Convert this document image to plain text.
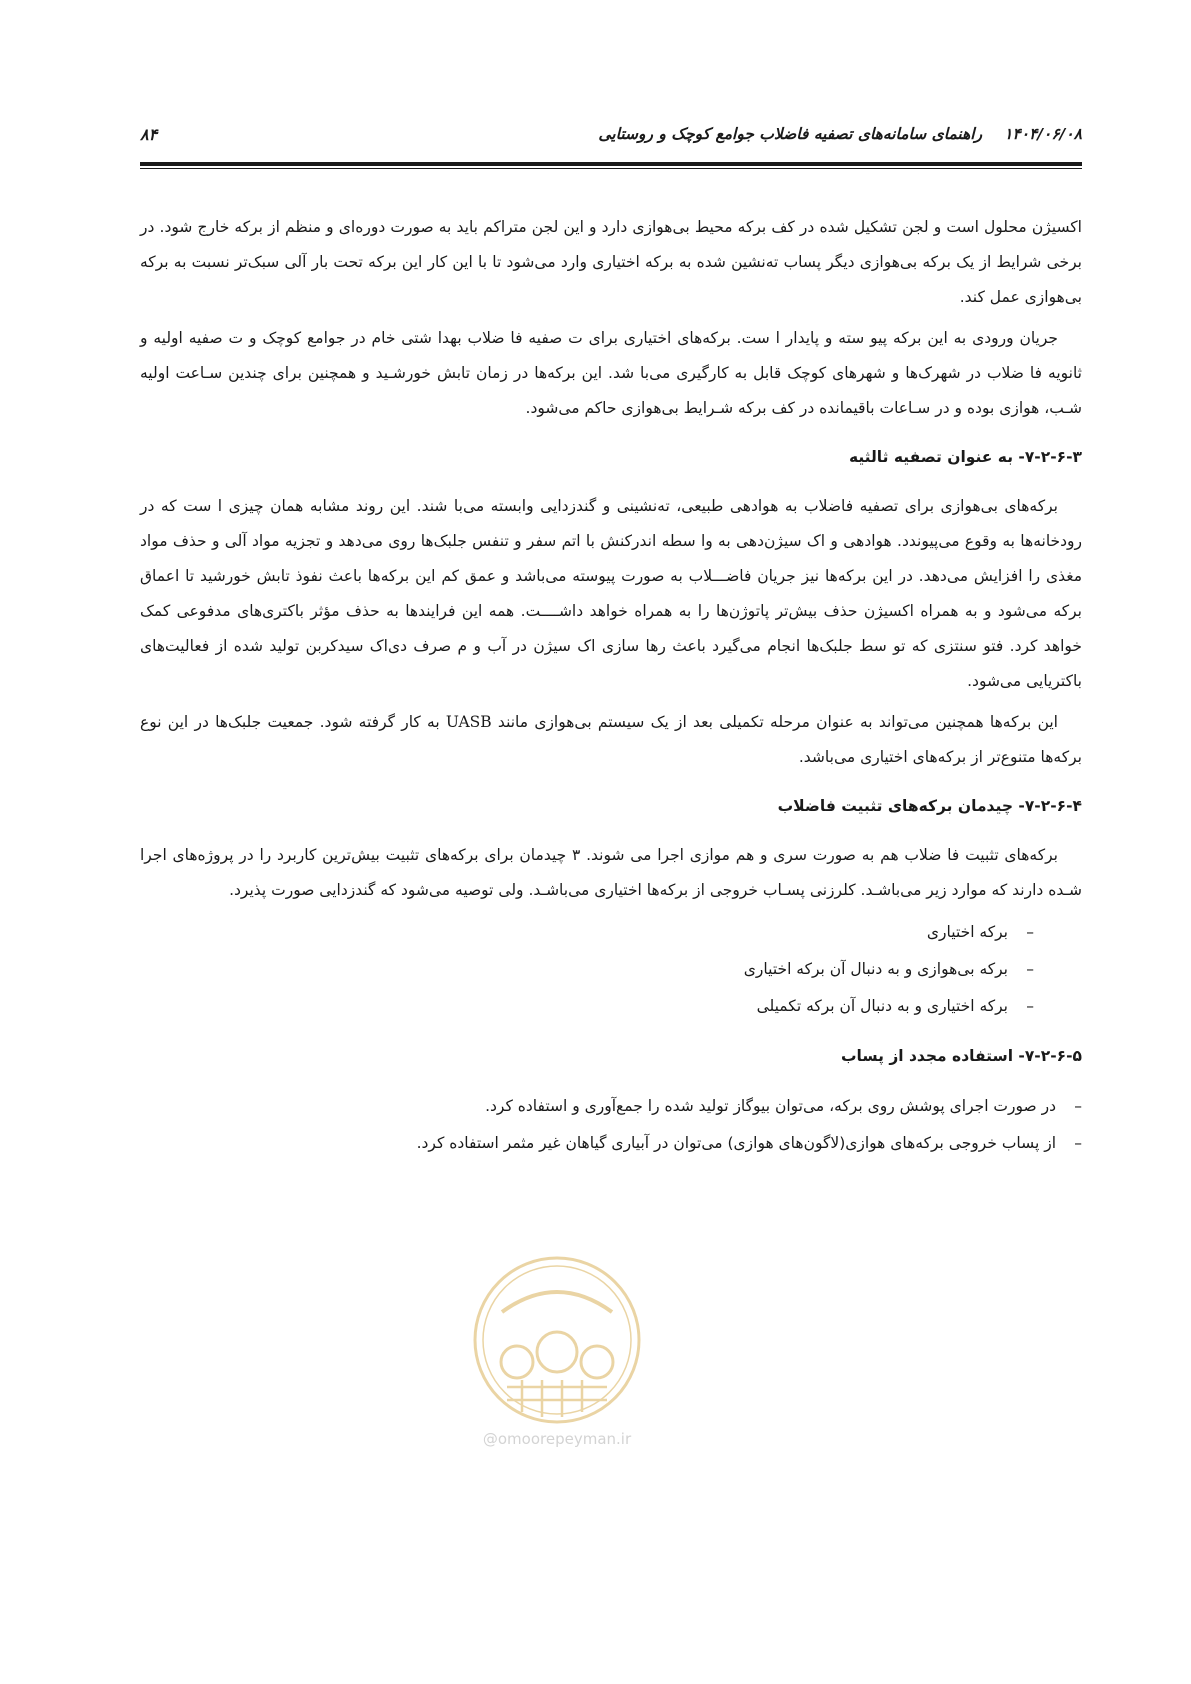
۱۴۰۴/۰۶/۰۸راهنمای سامانه‌های تصفیه فاضلاب جوامع کوچک و روستایی
۸۴

اکسیژن محلول است و لجن تشکیل شده در کف برکه محیط بی‌هوازی دارد و این لجن متراکم باید به صورت دوره‌ای و منظم از برکه خارج شود. در برخی شرایط از یک برکه بی‌هوازی دیگر پساب ته‌نشین شده به برکه اختیاری وارد می‌شود تا با این کار این برکه تحت بار آلی سبک‌تر نسبت به برکه بی‌هوازی عمل کند.

جریان ورودی به این برکه پیو سته و پایدار ا ست. برکه‌های اختیاری برای ت صفیه فا ضلاب بهدا شتی خام در جوامع کوچک و ت صفیه اولیه و ثانویه فا ضلاب در شهرک‌ها و شهرهای کوچک قابل به کارگیری می‌با شد. این برکه‌ها در زمان تابش خورشـید و همچنین برای چندین سـاعت اولیه شـب، هوازی بوده و در سـاعات باقیمانده در کف برکه شـرایط بی‌هوازی حاکم می‌شود.

۷-۲-۶-۳- به عنوان تصفیه ثالثیه

برکه‌های بی‌هوازی برای تصفیه فاضلاب به هوادهی طبیعی، ته‌نشینی و گندزدایی وابسته می‌با شند. این روند مشابه همان چیزی ا ست که در رودخانه‌ها به وقوع می‌پیوندد. هوادهی و اک سیژن‌دهی به وا سطه اندرکنش با اتم سفر و تنفس جلبک‌ها روی می‌دهد و تجزیه مواد آلی و حذف مواد مغذی را افزایش می‌دهد. در این برکه‌ها نیز جریان فاضـــلاب به صورت پیوسته می‌باشد و عمق کم این برکه‌ها باعث نفوذ تابش خورشید تا اعماق برکه می‌شود و به همراه اکسیژن حذف بیش‌تر پاتوژن‌ها را به همراه خواهد داشــــت. همه این فرایندها به حذف مؤثر باکتری‌های مدفوعی کمک خواهد کرد. فتو سنتزی که تو سط جلبک‌ها انجام می‌گیرد باعث رها سازی اک سیژن در آب و م صرف دی‌اک سیدکربن تولید شده از فعالیت‌های باکتریایی می‌شود.

این برکه‌ها همچنین می‌تواند به عنوان مرحله تکمیلی بعد از یک سیستم بی‌هوازی مانند UASB به کار گرفته شود. جمعیت جلبک‌ها در این نوع برکه‌ها متنوع‌تر از برکه‌های اختیاری می‌باشد.

۷-۲-۶-۴- چیدمان برکه‌های تثبیت فاضلاب

برکه‌های تثبیت فا ضلاب هم به صورت سری و هم موازی اجرا می شوند. ۳ چیدمان برای برکه‌های تثبیت بیش‌ترین کاربرد را در پروژه‌های اجرا شـده دارند که موارد زیر می‌باشـد. کلرزنی پسـاب خروجی از برکه‌ها اختیاری می‌باشـد. ولی توصیه می‌شود که گندزدایی صورت پذیرد.

– برکه اختیاری
– برکه بی‌هوازی و به دنبال آن برکه اختیاری
– برکه اختیاری و به دنبال آن برکه تکمیلی
۷-۲-۶-۵- استفاده مجدد از پساب
– در صورت اجرای پوشش روی برکه، می‌توان بیوگاز تولید شده را جمع‌آوری و استفاده کرد.
– از پساب خروجی برکه‌های هوازی(لاگون‌های هوازی) می‌توان در آبیاری گیاهان غیر مثمر استفاده کرد.
@omoorepeyman.ir
